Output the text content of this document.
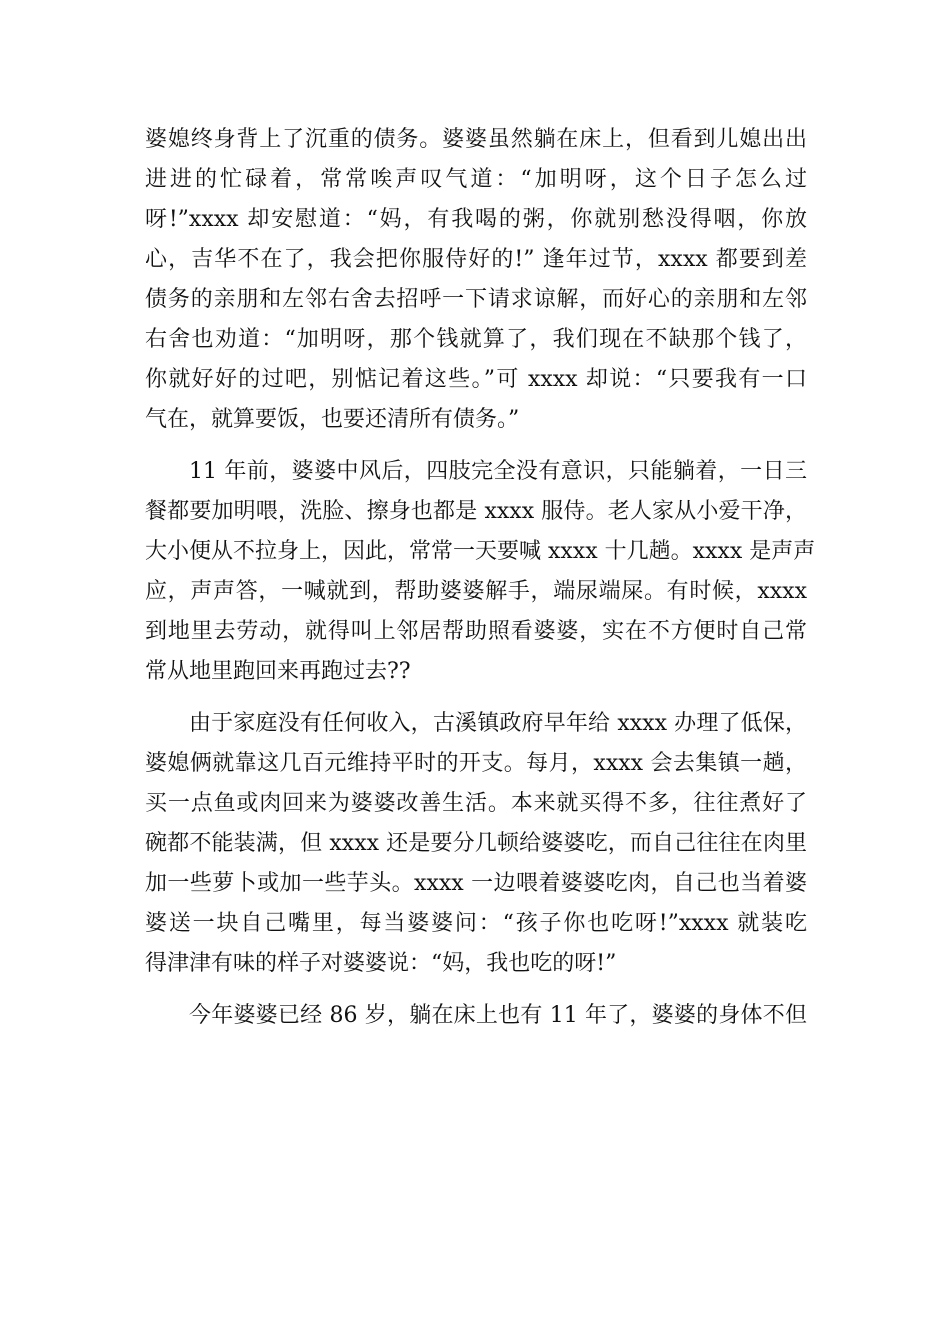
婆媳终身背上了沉重的债务。婆婆虽然躺在床上，但看到儿媳出出
进进的忙碌着，常常唉声叹气道：“加明呀，这个日子怎么过
呀!”xxxx 却安慰道：“妈，有我喝的粥，你就别愁没得咽，你放
心，吉华不在了，我会把你服侍好的!” 逢年过节，xxxx 都要到差
债务的亲朋和左邻右舍去招呼一下请求谅解，而好心的亲朋和左邻
右舍也劝道：“加明呀，那个钱就算了，我们现在不缺那个钱了，
你就好好的过吧，别惦记着这些。”可 xxxx 却说：“只要我有一口
气在，就算要饭，也要还清所有债务。”
11 年前，婆婆中风后，四肢完全没有意识，只能躺着，一日三
餐都要加明喂，洗脸、擦身也都是 xxxx 服侍。老人家从小爱干净，
大小便从不拉身上，因此，常常一天要喊 xxxx 十几趟。xxxx 是声声
应，声声答，一喊就到，帮助婆婆解手，端尿端屎。有时候，xxxx
到地里去劳动，就得叫上邻居帮助照看婆婆，实在不方便时自己常
常从地里跑回来再跑过去??
由于家庭没有任何收入，古溪镇政府早年给 xxxx 办理了低保，
婆媳俩就靠这几百元维持平时的开支。每月，xxxx 会去集镇一趟，
买一点鱼或肉回来为婆婆改善生活。本来就买得不多，往往煮好了
碗都不能装满，但 xxxx 还是要分几顿给婆婆吃，而自己往往在肉里
加一些萝卜或加一些芋头。xxxx 一边喂着婆婆吃肉，自己也当着婆
婆送一块自己嘴里，每当婆婆问：“孩子你也吃呀!”xxxx 就装吃
得津津有味的样子对婆婆说：“妈，我也吃的呀!”
今年婆婆已经 86 岁，躺在床上也有 11 年了，婆婆的身体不但
